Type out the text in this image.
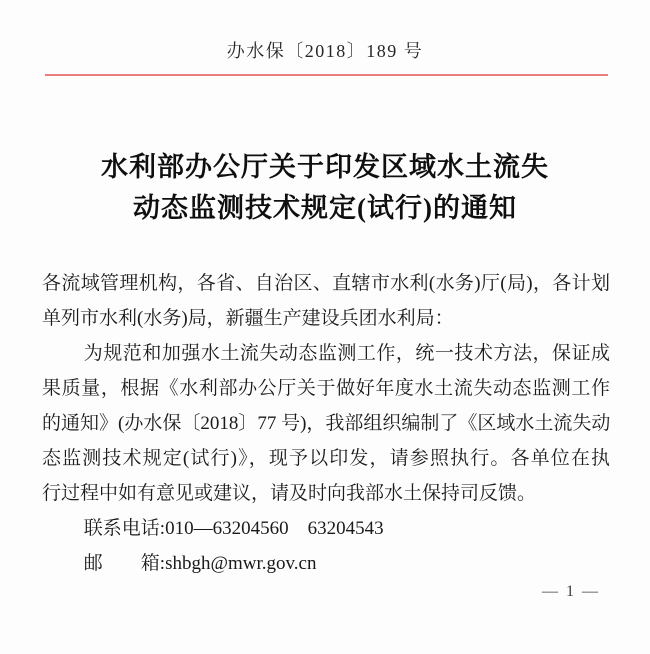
办水保〔2018〕189 号
水利部办公厅关于印发区域水土流失
动态监测技术规定(试行)的通知
各流域管理机构，各省、自治区、直辖市水利(水务)厅(局)，各计划
单列市水利(水务)局，新疆生产建设兵团水利局：
为规范和加强水土流失动态监测工作，统一技术方法，保证成
果质量，根据《水利部办公厅关于做好年度水土流失动态监测工作
的通知》(办水保〔2018〕77 号)，我部组织编制了《区域水土流失动
态监测技术规定(试行)》，现予以印发，请参照执行。各单位在执
行过程中如有意见或建议，请及时向我部水土保持司反馈。
联系电话:010—63204560　63204543
邮　　箱:shbgh@mwr.gov.cn
— 1 —
